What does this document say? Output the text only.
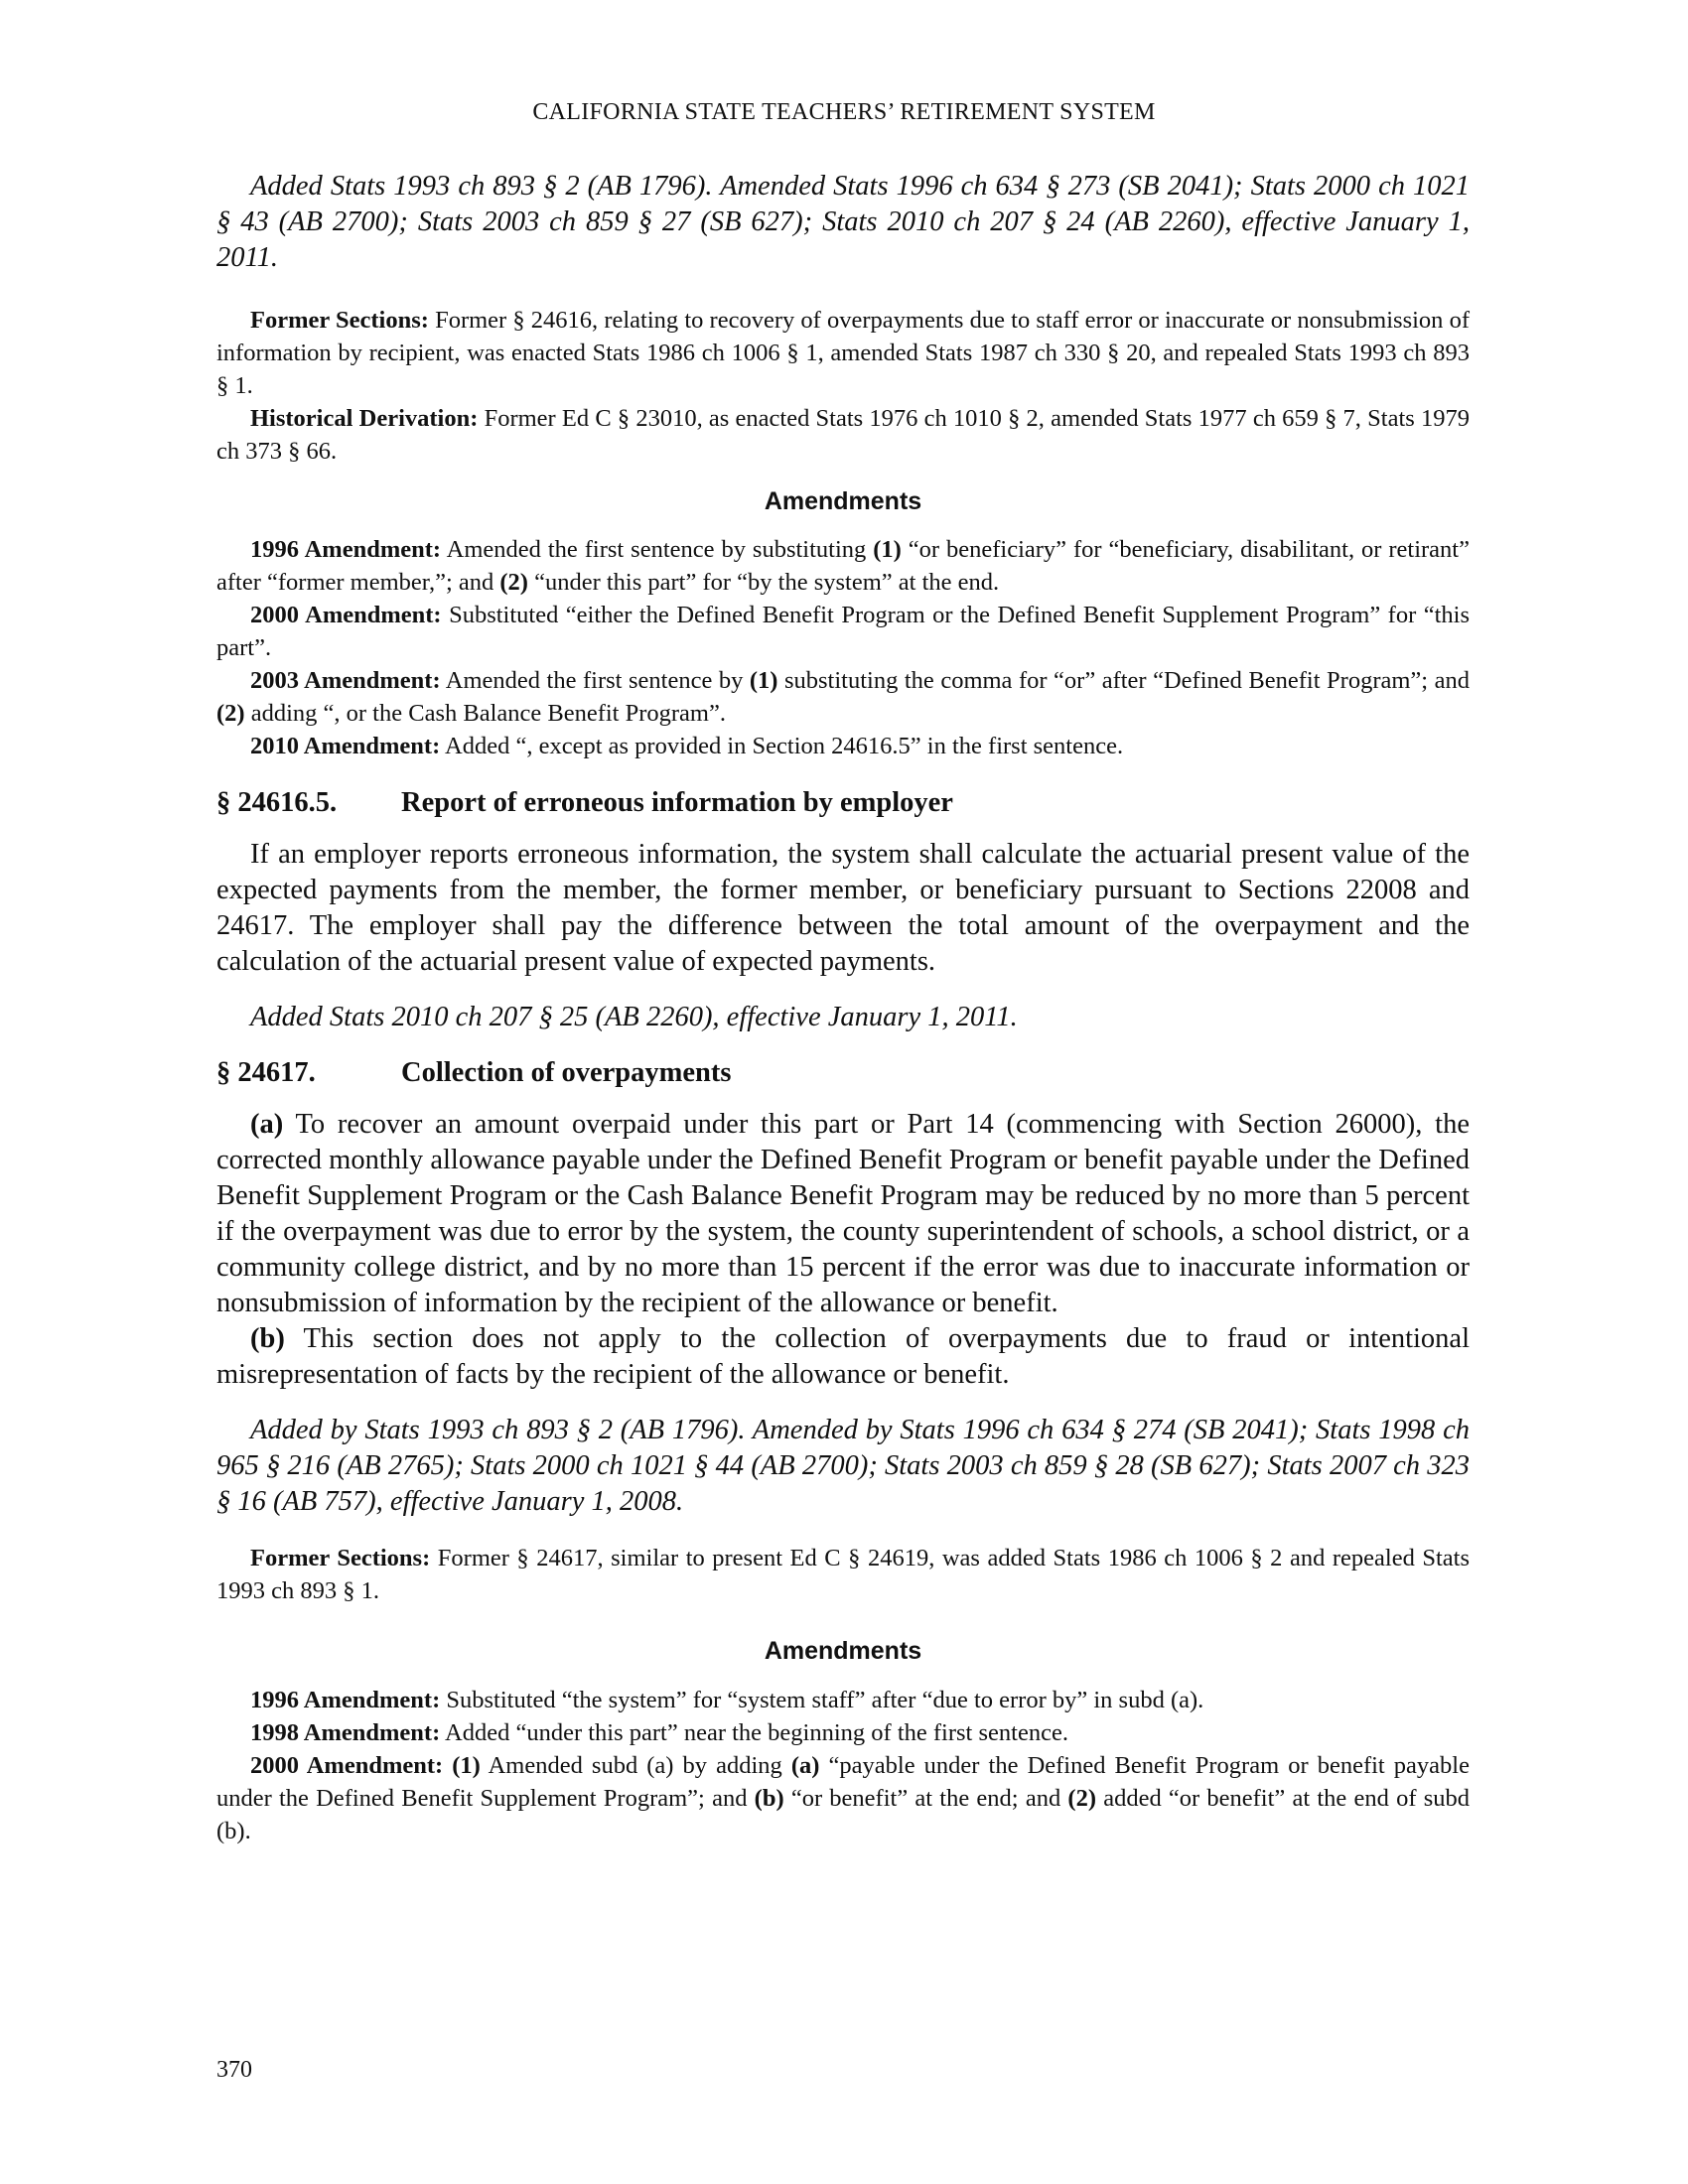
CALIFORNIA STATE TEACHERS’ RETIREMENT SYSTEM

Added Stats 1993 ch 893 § 2 (AB 1796). Amended Stats 1996 ch 634 § 273 (SB 2041); Stats 2000 ch 1021 § 43 (AB 2700); Stats 2003 ch 859 § 27 (SB 627); Stats 2010 ch 207 § 24 (AB 2260), effective January 1, 2011.

Former Sections: Former § 24616, relating to recovery of overpayments due to staff error or inaccurate or nonsubmission of information by recipient, was enacted Stats 1986 ch 1006 § 1, amended Stats 1987 ch 330 § 20, and repealed Stats 1993 ch 893 § 1.

Historical Derivation: Former Ed C § 23010, as enacted Stats 1976 ch 1010 § 2, amended Stats 1977 ch 659 § 7, Stats 1979 ch 373 § 66.

Amendments

1996 Amendment: Amended the first sentence by substituting (1) “or beneficiary” for “beneficiary, disabilitant, or retirant” after “former member,”; and (2) “under this part” for “by the system” at the end.

2000 Amendment: Substituted “either the Defined Benefit Program or the Defined Benefit Supplement Program” for “this part”.

2003 Amendment: Amended the first sentence by (1) substituting the comma for “or” after “Defined Benefit Program”; and (2) adding “, or the Cash Balance Benefit Program”.

2010 Amendment: Added “, except as provided in Section 24616.5” in the first sentence.

§ 24616.5.	Report of erroneous information by employer

If an employer reports erroneous information, the system shall calculate the actuarial present value of the expected payments from the member, the former member, or beneficiary pursuant to Sections 22008 and 24617. The employer shall pay the difference between the total amount of the overpayment and the calculation of the actuarial present value of expected payments.

Added Stats 2010 ch 207 § 25 (AB 2260), effective January 1, 2011.

§ 24617.	Collection of overpayments

(a) To recover an amount overpaid under this part or Part 14 (commencing with Section 26000), the corrected monthly allowance payable under the Defined Benefit Program or benefit payable under the Defined Benefit Supplement Program or the Cash Balance Benefit Program may be reduced by no more than 5 percent if the overpayment was due to error by the system, the county superintendent of schools, a school district, or a community college district, and by no more than 15 percent if the error was due to inaccurate information or nonsubmission of information by the recipient of the allowance or benefit.

(b) This section does not apply to the collection of overpayments due to fraud or intentional misrepresentation of facts by the recipient of the allowance or benefit.

Added by Stats 1993 ch 893 § 2 (AB 1796). Amended by Stats 1996 ch 634 § 274 (SB 2041); Stats 1998 ch 965 § 216 (AB 2765); Stats 2000 ch 1021 § 44 (AB 2700); Stats 2003 ch 859 § 28 (SB 627); Stats 2007 ch 323 § 16 (AB 757), effective January 1, 2008.

Former Sections: Former § 24617, similar to present Ed C § 24619, was added Stats 1986 ch 1006 § 2 and repealed Stats 1993 ch 893 § 1.

Amendments

1996 Amendment: Substituted “the system” for “system staff” after “due to error by” in subd (a).

1998 Amendment: Added “under this part” near the beginning of the first sentence.

2000 Amendment: (1) Amended subd (a) by adding (a) “payable under the Defined Benefit Program or benefit payable under the Defined Benefit Supplement Program”; and (b) “or benefit” at the end; and (2) added “or benefit” at the end of subd (b).

370
